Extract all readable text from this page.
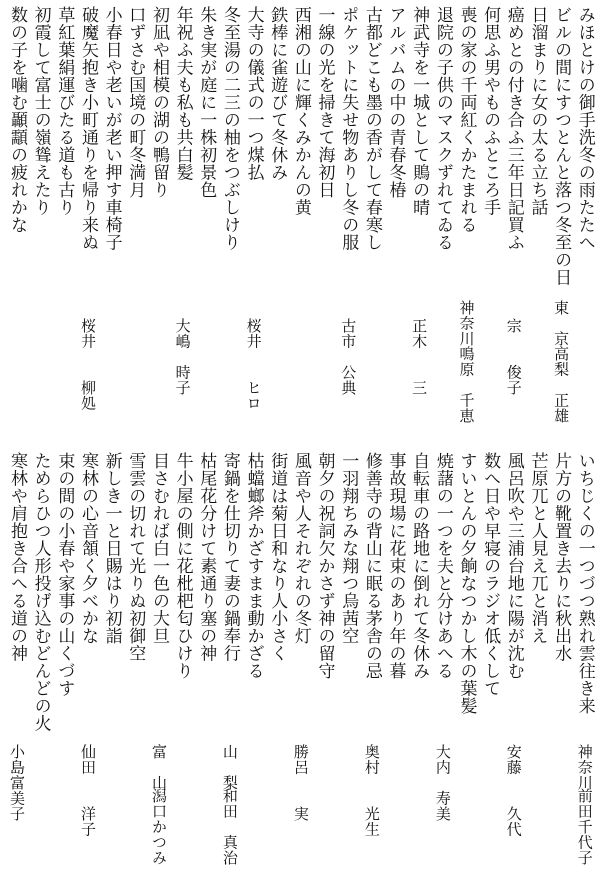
みほとけの御手洗冬の雨たたへ
ビルの間にすつとんと落つ冬至の日
東　京
高梨　正雄
日溜まりに女の太る立ち話
癌めとの付き合ふ三年日記買ふ
宗　　俊子
何思ふ男やものふところ手
喪の家の千両紅くかたまれる
神奈川
鳴原　千恵
退院の子供のマスクずれてゐる
神武寺を一城として鵙の晴
正木　　三
アルバムの中の青春冬椿
古都どこも墨の香がして春寒し
ポケットに失せ物ありし冬の服
古市　公典
一線の光を掃きて海初日
西湘の山に輝くみかんの黄
鉄棒に雀遊びて冬休み
大寺の儀式の一つ煤払
桜井　　ヒロ
冬至湯の二三の柚をつぶしけり
朱き実が庭に一株初景色
年祝ふ夫も私も共白髪
大嶋　時子
初凪や相模の湖の鴨留り
口ずさむ国境の町冬満月
小春日や老いが老い押す車椅子
破魔矢抱き小町通りを帰り来ぬ
桜井　　柳処
草紅葉絹運びたる道も古り
初霞して富士の嶺聳えたり
数の子を噛む顳顬の疲れかな
いちじくの一つづつ熟れ雲往き来
神奈川
前田千代子
片方の靴置き去りに秋出水
芒原兀と人見え兀と消え
風呂吹や三浦台地に陽が沈む
安藤　　久代
数へ日や早寝のラジオ低くして
すいとんの夕餉なつかし木の葉髪
焼藷の一つを夫と分けあへる
大内　寿美
自転車の路地に倒れて冬休み
事故現場に花束のあり年の暮
修善寺の背山に眠る茅舎の忌
奥村　　光生
一羽翔ちみな翔つ烏茜空
朝夕の祝詞欠かさず神の留守
風音や人それぞれの冬灯
勝呂　　実
街道は菊日和なり人小さく
枯蟷螂斧かざすまま動かざる
寄鍋を仕切りて妻の鍋奉行
山　梨
和田　真治
枯尾花分けて素通り塞の神
牛小屋の側に花枇杷匂ひけり
目さむれば白一色の大旦
富　山
潟口かつみ
雪雲の切れて光りぬ初御空
新しき一と日賜はり初詣
寒林の心音頷く夕べかな
仙田　　洋子
束の間の小春や家事の山くづす
ためらひつ人形投げ込むどんどの火
寒林や肩抱き合へる道の神
小島富美子
